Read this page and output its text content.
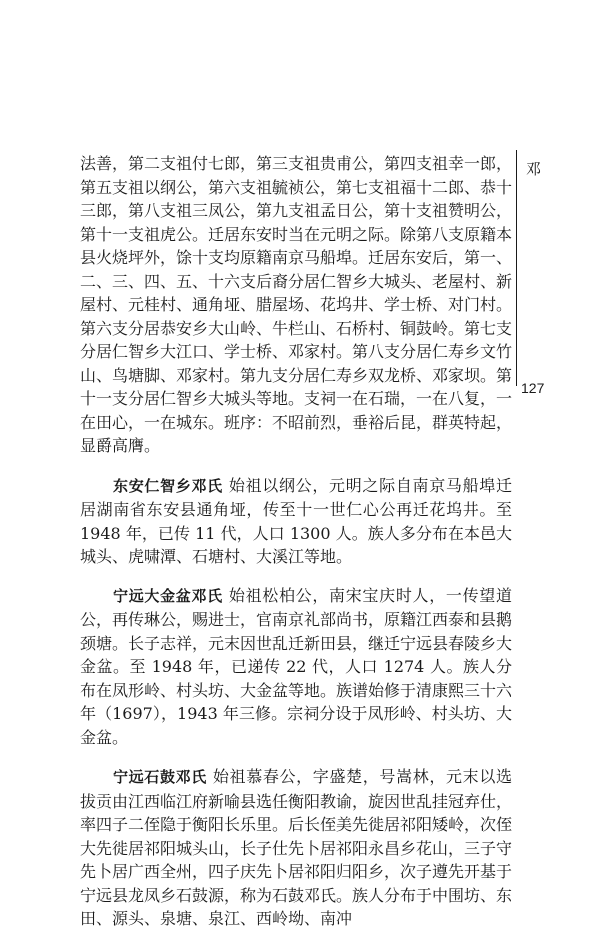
邓
127

法善，第二支祖付七郎，第三支祖贵甫公，第四支祖幸一郎，第五支祖以纲公，第六支祖毓祯公，第七支祖福十二郎、恭十三郎，第八支祖三凤公，第九支祖孟日公，第十支祖赞明公，第十一支祖虎公。迁居东安时当在元明之际。除第八支原籍本县火烧坪外，馀十支均原籍南京马船埠。迁居东安后，第一、二、三、四、五、十六支后裔分居仁智乡大城头、老屋村、新屋村、元桂村、通角垭、腊屋场、花坞井、学士桥、对门村。第六支分居恭安乡大山岭、牛栏山、石桥村、铜鼓岭。第七支分居仁智乡大江口、学士桥、邓家村。第八支分居仁寿乡文竹山、鸟塘脚、邓家村。第九支分居仁寿乡双龙桥、邓家坝。第十一支分居仁智乡大城头等地。支祠一在石瑞，一在八复，一在田心，一在城东。班序：不昭前烈，垂裕后昆，群英特起，显爵高膺。

东安仁智乡邓氏 始祖以纲公，元明之际自南京马船埠迁居湖南省东安县通角垭，传至十一世仁心公再迁花坞井。至 1948 年，已传 11 代，人口 1300 人。族人多分布在本邑大城头、虎啸潭、石塘村、大溪江等地。

宁远大金盆邓氏 始祖松柏公，南宋宝庆时人，一传望道公，再传琳公，赐进士，官南京礼部尚书，原籍江西泰和县鹅颈塘。长子志祥，元末因世乱迁新田县，继迁宁远县春陵乡大金盆。至 1948 年，已递传 22 代，人口 1274 人。族人分布在凤形岭、村头坊、大金盆等地。族谱始修于清康熙三十六年（1697），1943 年三修。宗祠分设于凤形岭、村头坊、大金盆。

宁远石鼓邓氏 始祖慕春公，字盛楚，号嵩林，元末以选拔贡由江西临江府新喻县选任衡阳教谕，旋因世乱挂冠弃仕，率四子二侄隐于衡阳长乐里。后长侄美先徙居祁阳矮岭，次侄大先徙居祁阳城头山，长子仕先卜居祁阳永昌乡花山，三子守先卜居广西全州，四子庆先卜居祁阳归阳乡，次子遵先开基于宁远县龙凤乡石鼓源，称为石鼓邓氏。族人分布于中围坊、东田、源头、泉塘、泉江、西岭坳、南冲
